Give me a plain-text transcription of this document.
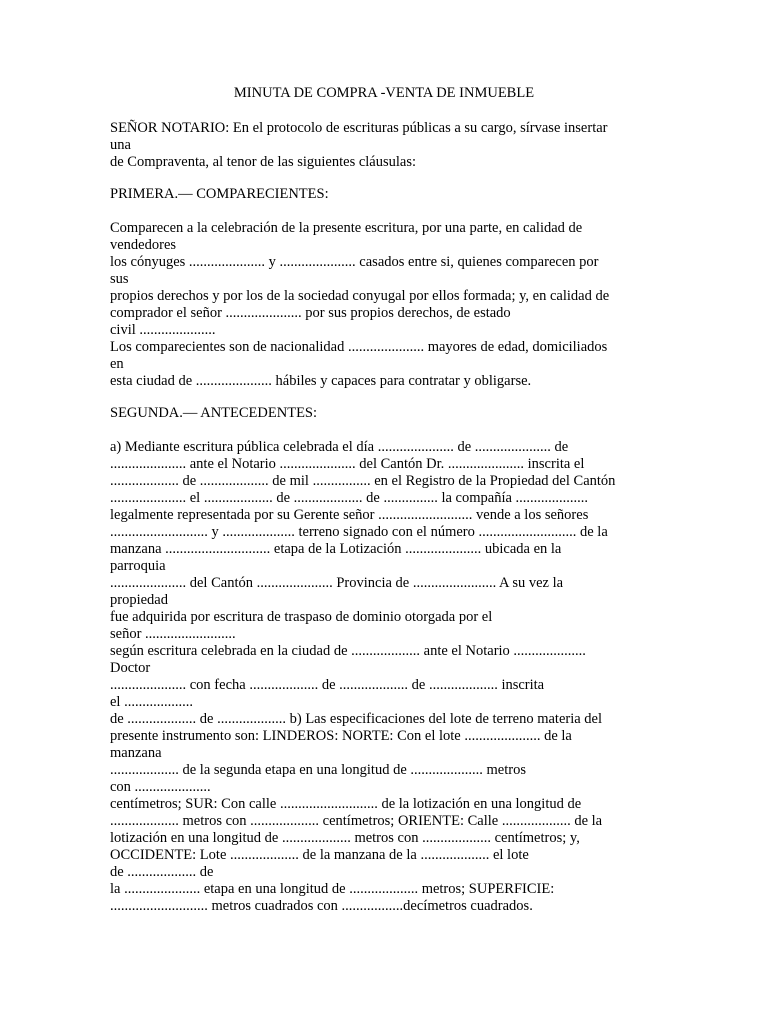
MINUTA DE COMPRA -VENTA DE INMUEBLE
SEÑOR NOTARIO: En el protocolo de escrituras públicas a su cargo, sírvase insertar
una
de Compraventa, al tenor de las siguientes cláusulas:
PRIMERA.— COMPARECIENTES:
Comparecen a la celebración de la presente escritura, por una parte, en calidad de
vendedores
los cónyuges ..................... y ..................... casados entre si, quienes comparecen por
sus
propios derechos y por los de la sociedad conyugal por ellos formada; y, en calidad de
comprador el señor ..................... por sus propios derechos, de estado
civil .....................
Los comparecientes son de nacionalidad ..................... mayores de edad, domiciliados
en
esta ciudad de ..................... hábiles y capaces para contratar y obligarse.
SEGUNDA.— ANTECEDENTES:
a) Mediante escritura pública celebrada el día ..................... de ..................... de
..................... ante el Notario ..................... del Cantón Dr. ..................... inscrita el
................... de ................... de mil ................ en el Registro de la Propiedad del Cantón
..................... el ................... de ................... de ............... la compañía ....................
legalmente representada por su Gerente señor .......................... vende a los señores
........................... y .................... terreno signado con el número ........................... de la
manzana ............................. etapa de la Lotización ..................... ubicada en la
parroquia
..................... del Cantón ..................... Provincia de ....................... A su vez la
propiedad
fue adquirida por escritura de traspaso de dominio otorgada por el
señor .........................
según escritura celebrada en la ciudad de ................... ante el Notario ....................
Doctor
..................... con fecha ................... de ................... de ................... inscrita
el ...................
de ................... de ................... b) Las especificaciones del lote de terreno materia del
presente instrumento son: LINDEROS: NORTE: Con el lote ..................... de la
manzana
................... de la segunda etapa en una longitud de .................... metros
con .....................
centímetros; SUR: Con calle ........................... de la lotización en una longitud de
................... metros con ................... centímetros; ORIENTE: Calle ................... de la
lotización en una longitud de ................... metros con ................... centímetros; y,
OCCIDENTE: Lote ................... de la manzana de la ................... el lote
de ................... de
la ..................... etapa en una longitud de ................... metros; SUPERFICIE:
........................... metros cuadrados con .................decímetros cuadrados.
